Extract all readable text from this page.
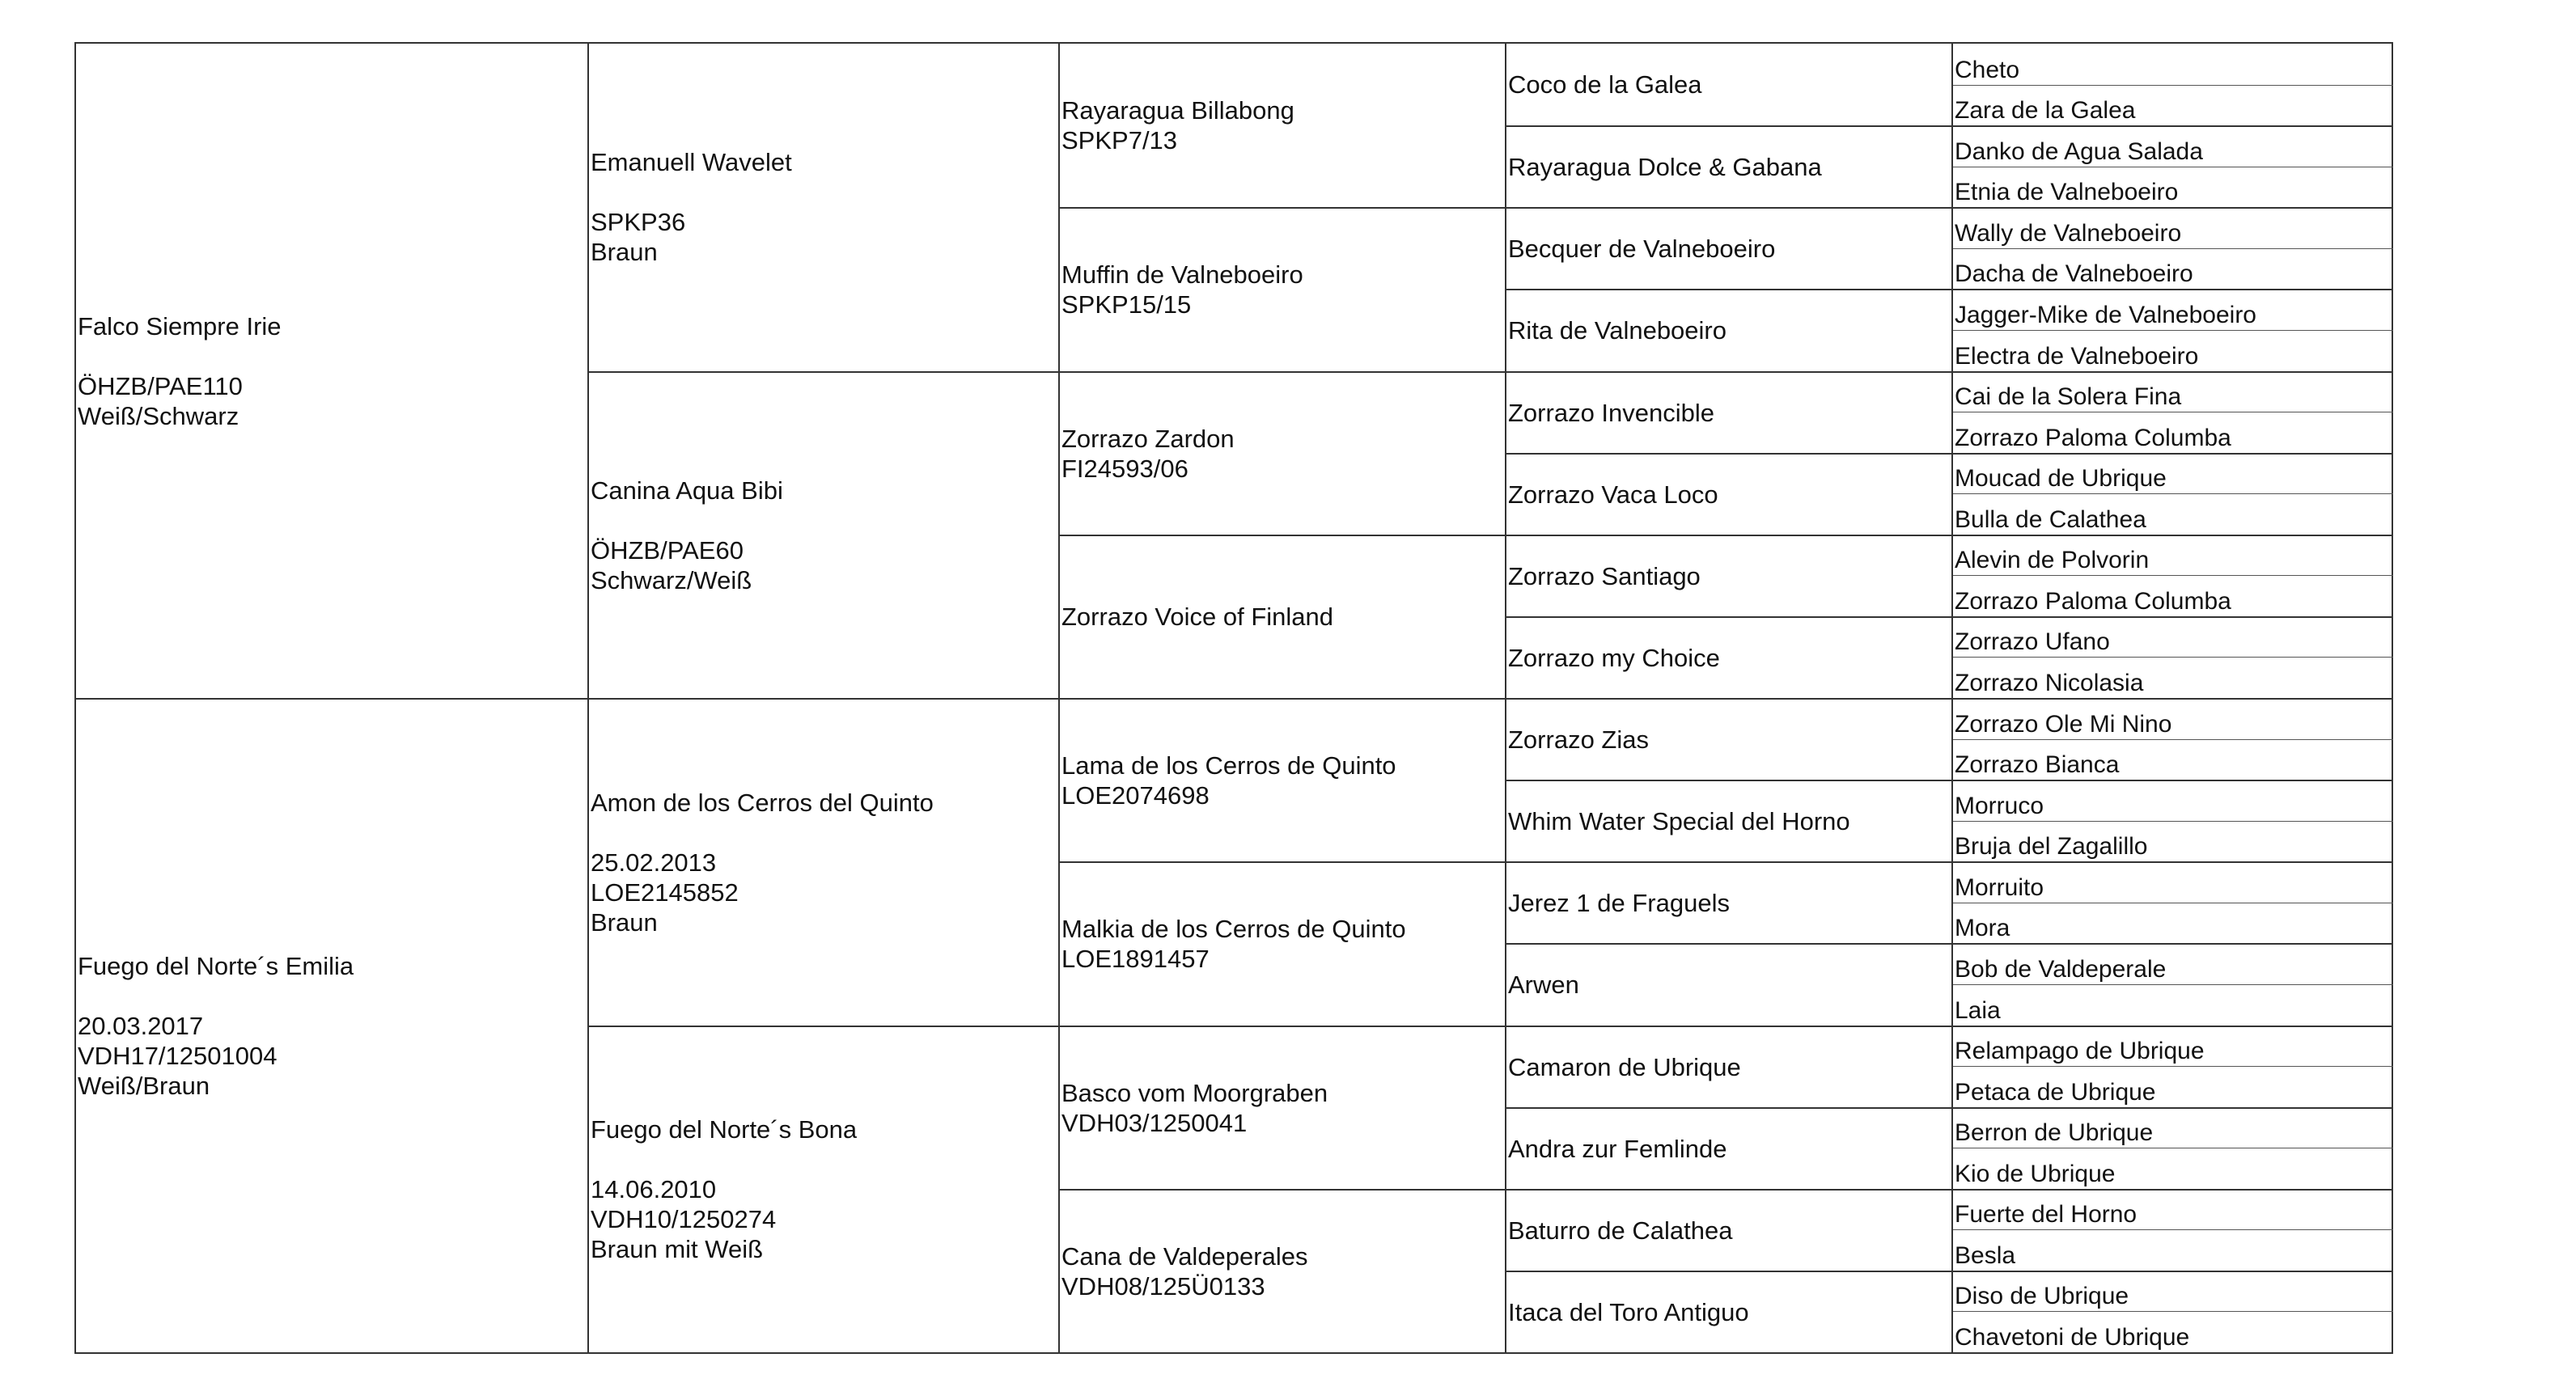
Falco Siempre Irie
ÖHZB/PAE110
Weiß/Schwarz
Fuego del Norte´s Emilia
20.03.2017
VDH17/12501004
Weiß/Braun
Emanuell Wavelet
SPKP36
Braun
Canina Aqua Bibi
ÖHZB/PAE60
Schwarz/Weiß
Amon de los Cerros del Quinto
25.02.2013
LOE2145852
Braun
Fuego del Norte´s Bona
14.06.2010
VDH10/1250274
Braun mit Weiß
Rayaragua Billabong
SPKP7/13
Muffin de Valneboeiro
SPKP15/15
Zorrazo Zardon
FI24593/06
Zorrazo Voice of Finland
Lama de los Cerros de Quinto
LOE2074698
Malkia de los Cerros de Quinto
LOE1891457
Basco vom Moorgraben
VDH03/1250041
Cana de Valdeperales
VDH08/125Ü0133
Coco de la Galea
Rayaragua Dolce & Gabana
Becquer de Valneboeiro
Rita de Valneboeiro
Zorrazo Invencible
Zorrazo Vaca Loco
Zorrazo Santiago
Zorrazo my Choice
Zorrazo Zias
Whim Water Special del Horno
Jerez 1 de Fraguels
Arwen
Camaron de Ubrique
Andra zur Femlinde
Baturro de Calathea
Itaca del Toro Antiguo
Cheto
Zara de la Galea
Danko de Agua Salada
Etnia de Valneboeiro
Wally de Valneboeiro
Dacha de Valneboeiro
Jagger-Mike de Valneboeiro
Electra de Valneboeiro
Cai de la Solera Fina
Zorrazo Paloma Columba
Moucad de Ubrique
Bulla de Calathea
Alevin de Polvorin
Zorrazo Paloma Columba
Zorrazo Ufano
Zorrazo Nicolasia
Zorrazo Ole Mi Nino
Zorrazo Bianca
Morruco
Bruja del Zagalillo
Morruito
Mora
Bob de Valdeperale
Laia
Relampago de Ubrique
Petaca de Ubrique
Berron de Ubrique
Kio de Ubrique
Fuerte del Horno
Besla
Diso de Ubrique
Chavetoni de Ubrique
